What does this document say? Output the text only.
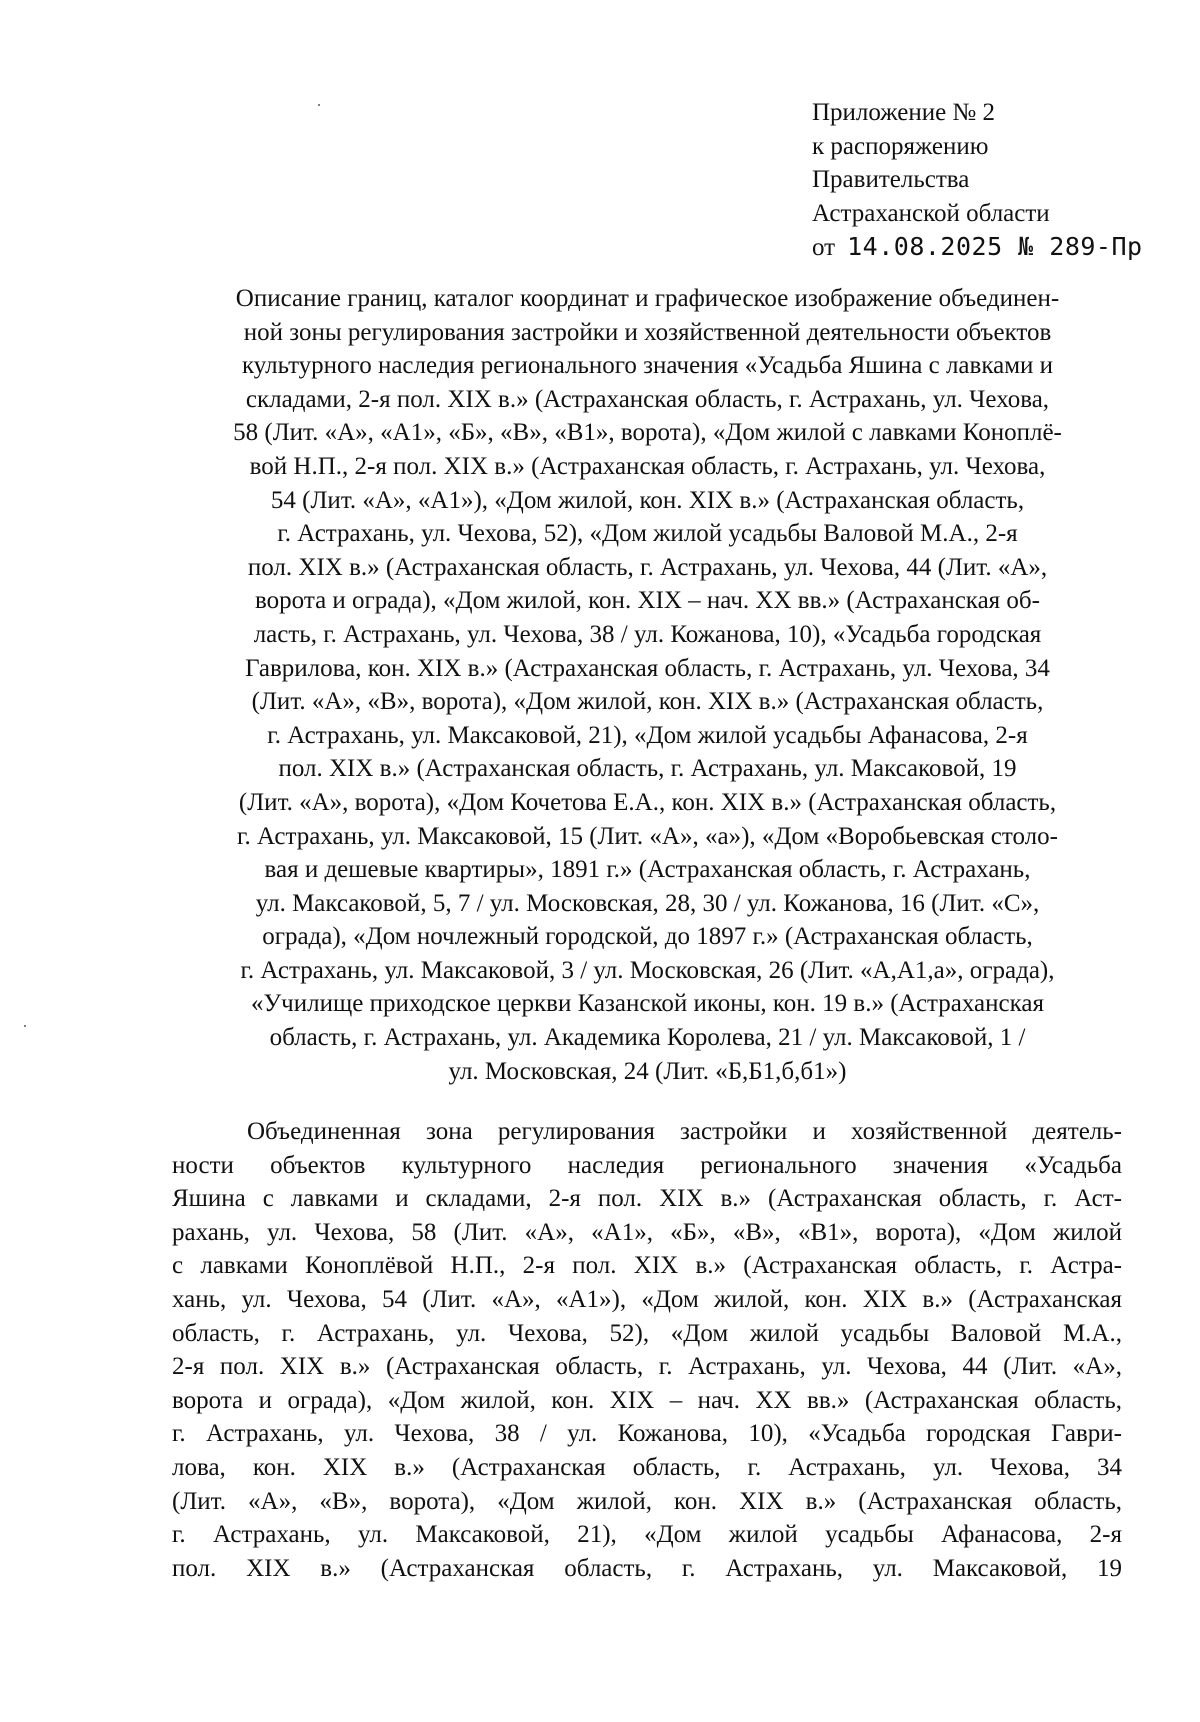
Приложение № 2
к распоряжению
Правительства
Астраханской области
от 14.08.2025 № 289-Пр
Описание границ, каталог координат и графическое изображение объединен-
ной зоны регулирования застройки и хозяйственной деятельности объектов
культурного наследия регионального значения «Усадьба Яшина с лавками и
складами, 2-я пол. XIX в.» (Астраханская область, г. Астрахань, ул. Чехова,
58 (Лит. «А», «А1», «Б», «В», «В1», ворота), «Дом жилой с лавками Коноплё-
вой Н.П., 2-я пол. XIX в.» (Астраханская область, г. Астрахань, ул. Чехова,
54 (Лит. «А», «А1»), «Дом жилой, кон. XIX в.» (Астраханская область,
г. Астрахань, ул. Чехова, 52), «Дом жилой усадьбы Валовой М.А., 2-я
пол. XIX в.» (Астраханская область, г. Астрахань, ул. Чехова, 44 (Лит. «А»,
ворота и ограда), «Дом жилой, кон. XIX – нач. XX вв.» (Астраханская об-
ласть, г. Астрахань, ул. Чехова, 38 / ул. Кожанова, 10), «Усадьба городская
Гаврилова, кон. XIX в.» (Астраханская область, г. Астрахань, ул. Чехова, 34
(Лит. «А», «В», ворота), «Дом жилой, кон. XIX в.» (Астраханская область,
г. Астрахань, ул. Максаковой, 21), «Дом жилой усадьбы Афанасова, 2-я
пол. XIX в.» (Астраханская область, г. Астрахань, ул. Максаковой, 19
(Лит. «А», ворота), «Дом Кочетова Е.А., кон. XIX в.» (Астраханская область,
г. Астрахань, ул. Максаковой, 15 (Лит. «А», «а»), «Дом «Воробьевская столо-
вая и дешевые квартиры», 1891 г.» (Астраханская область, г. Астрахань,
ул. Максаковой, 5, 7 / ул. Московская, 28, 30 / ул. Кожанова, 16 (Лит. «С»,
ограда), «Дом ночлежный городской, до 1897 г.» (Астраханская область,
г. Астрахань, ул. Максаковой, 3 / ул. Московская, 26 (Лит. «А,А1,а», ограда),
«Училище приходское церкви Казанской иконы, кон. 19 в.» (Астраханская
область, г. Астрахань, ул. Академика Королева, 21 / ул. Максаковой, 1 /
ул. Московская, 24 (Лит. «Б,Б1,б,б1»)
Объединенная зона регулирования застройки и хозяйственной деятель-
ности объектов культурного наследия регионального значения «Усадьба
Яшина с лавками и складами, 2-я пол. XIX в.» (Астраханская область, г. Аст-
рахань, ул. Чехова, 58 (Лит. «А», «А1», «Б», «В», «В1», ворота), «Дом жилой
с лавками Коноплёвой Н.П., 2-я пол. XIX в.» (Астраханская область, г. Астра-
хань, ул. Чехова, 54 (Лит. «А», «А1»), «Дом жилой, кон. XIX в.» (Астраханская
область, г. Астрахань, ул. Чехова, 52), «Дом жилой усадьбы Валовой М.А.,
2-я пол. XIX в.» (Астраханская область, г. Астрахань, ул. Чехова, 44 (Лит. «А»,
ворота и ограда), «Дом жилой, кон. XIX – нач. XX вв.» (Астраханская область,
г. Астрахань, ул. Чехова, 38 / ул. Кожанова, 10), «Усадьба городская Гаври-
лова, кон. XIX в.» (Астраханская область, г. Астрахань, ул. Чехова, 34
(Лит. «А», «В», ворота), «Дом жилой, кон. XIX в.» (Астраханская область,
г. Астрахань, ул. Максаковой, 21), «Дом жилой усадьбы Афанасова, 2-я
пол. XIX в.» (Астраханская область, г. Астрахань, ул. Максаковой, 19
